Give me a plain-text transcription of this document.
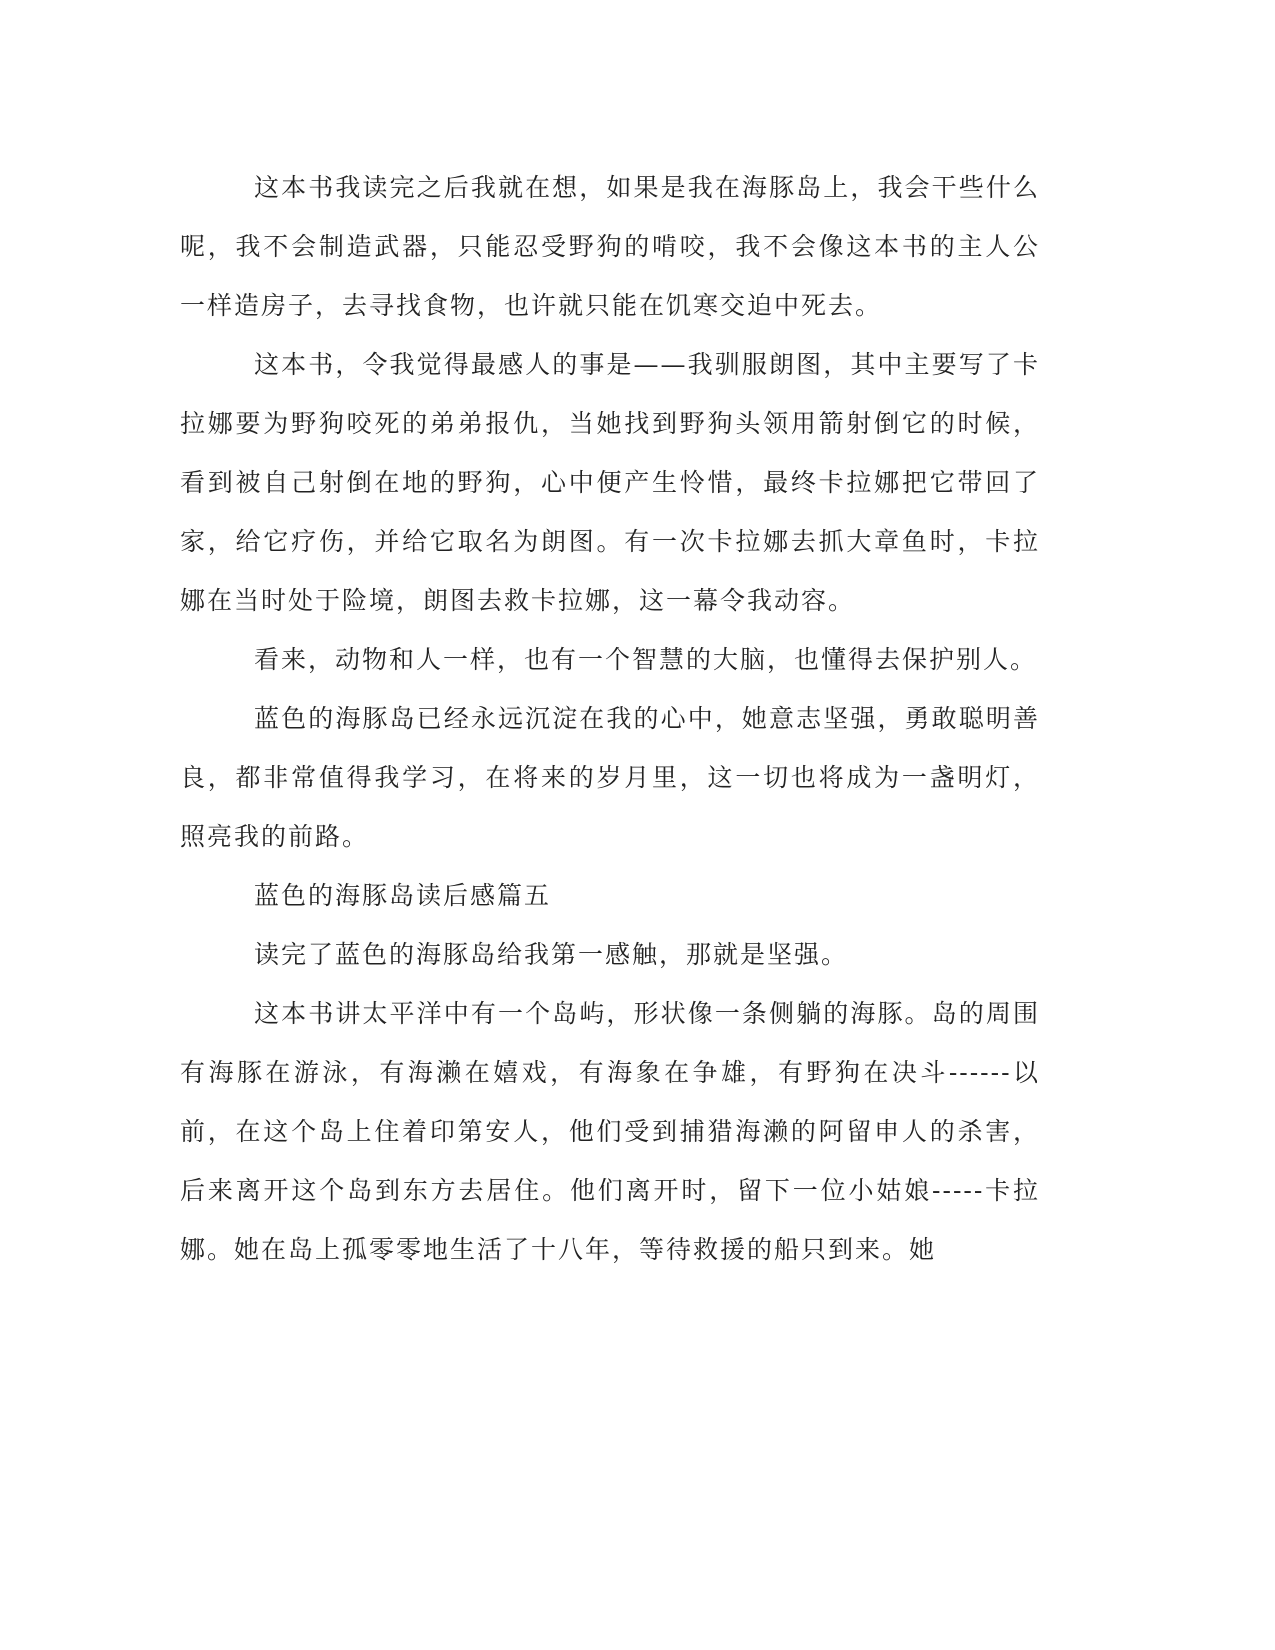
这本书我读完之后我就在想，如果是我在海豚岛上，我会干些什么呢，我不会制造武器，只能忍受野狗的啃咬，我不会像这本书的主人公一样造房子，去寻找食物，也许就只能在饥寒交迫中死去。

这本书，令我觉得最感人的事是——我驯服朗图，其中主要写了卡拉娜要为野狗咬死的弟弟报仇，当她找到野狗头领用箭射倒它的时候，看到被自己射倒在地的野狗，心中便产生怜惜，最终卡拉娜把它带回了家，给它疗伤，并给它取名为朗图。有一次卡拉娜去抓大章鱼时，卡拉娜在当时处于险境，朗图去救卡拉娜，这一幕令我动容。

看来，动物和人一样，也有一个智慧的大脑，也懂得去保护别人。

蓝色的海豚岛已经永远沉淀在我的心中，她意志坚强，勇敢聪明善良，都非常值得我学习，在将来的岁月里，这一切也将成为一盏明灯，照亮我的前路。

蓝色的海豚岛读后感篇五

读完了蓝色的海豚岛给我第一感触，那就是坚强。

这本书讲太平洋中有一个岛屿，形状像一条侧躺的海豚。岛的周围有海豚在游泳，有海濑在嬉戏，有海象在争雄，有野狗在决斗------以前，在这个岛上住着印第安人，他们受到捕猎海濑的阿留申人的杀害，后来离开这个岛到东方去居住。他们离开时，留下一位小姑娘-----卡拉娜。她在岛上孤零零地生活了十八年，等待救援的船只到来。她
